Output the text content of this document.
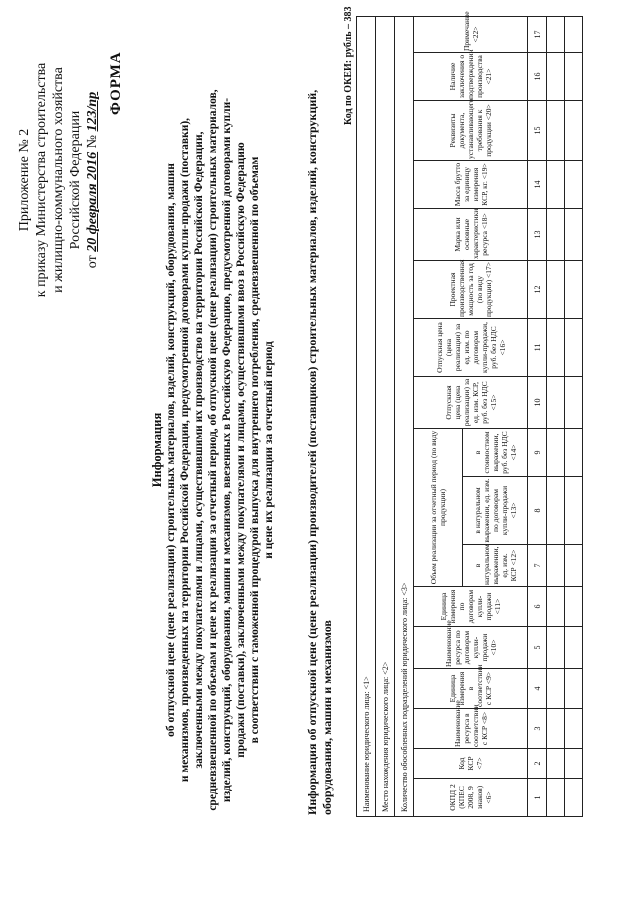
Приложение № 2 к приказу Министерства строительства и жилищно-коммунального хозяйства Российской Федерации
от 20 февраля 2016 № 123/пр ФОРМА
Информация об отпускной цене (цене реализации) строительных материалов, изделий, конструкций, оборудования, машин и механизмов, произведенных на территории Российской Федерации, предусмотренной договорами купли-продажи (поставки), заключенными между покупателями и лицами, осуществившими их производство на территории Российской Федерации, средневзвешенной по объемам и цене их реализации за отчетный период, об отпускной цене (цене реализации) строительных материалов, изделий, конструкций, оборудования, машин и механизмов, ввезенных в Российскую Федерацию, предусмотренной договорами купли- продажи (поставки), заключенными между покупателями и лицами, осуществившими ввоз в Российскую Федерацию в соответствии с таможенной процедурой выпуска для внутреннего потребления, средневзвешенной по объемам и цене их реализации за отчетный период	Информация об отпускной цене (цене реализации) производителей (поставщиков) строительных материалов, изделий, конструкций, оборудования, машин и механизмов
Код по ОКЕИ: рубль – 383
Наименование юридического лица: <1>																
Место нахождения юридического лица: <2>																
Количество обособленных подразделений юридического лица: <3>																
ОКПД 2 (КПЕС 2008, 9 знаков) <6>	Код КСР <7>	Наименование ресурса в соответствии с КСР <8>	Единица измерения в соответствии с КСР <9>	Наименование ресурса по договорам купли-продажи <10>	Единица измерения по договорам купли-продажи <11>	Объем реализации за отчетный период (по виду продукции)			Отпускная цена (цена реализации) за ед. изм. КСР, руб. без НДС <15>	Отпускная цена (цена реализации) за ед. изм. по договорам купли-продажи, руб. без НДС <16>	Проектная производственная мощность за год (по виду продукции) <17>	Марка или основные характеристики ресурса <18>	Масса брутто за единицу измерения КСР, кг. <19>	Реквизиты документа, устанавливающего требования к продукции <20>	Наличие заключения о подтверждении производства <21>	Примечание <22>
						в натуральном выражении, ед. изм. КСР <12>	в натуральном выражении, ед. изм. по договорам купли-продажи <13>	в стоимостном выражении, руб. без НДС <14>								
1	2	3	4	5	6	7	8	9	10	11	12	13	14	15	16	17
